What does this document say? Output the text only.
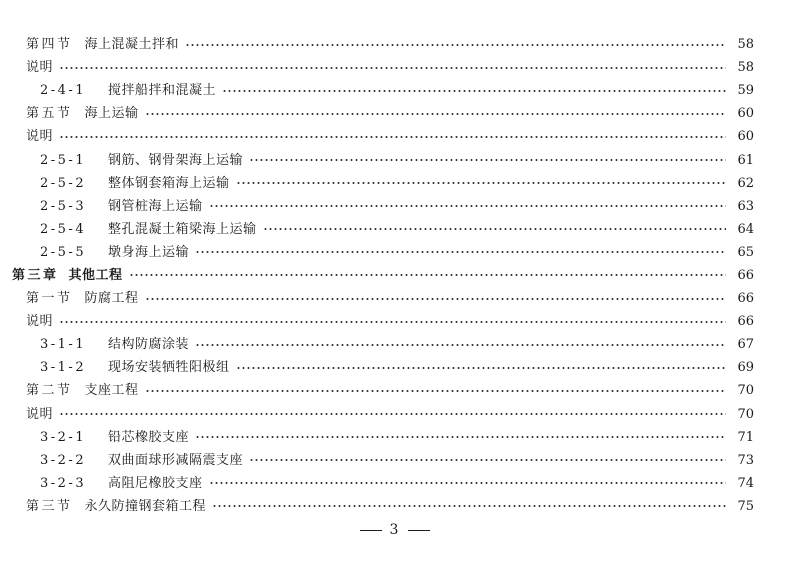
第四节 海上混凝土拌和	58
说明	58
2-4-1	搅拌船拌和混凝土	59
第五节 海上运输	60
说明	60
2-5-1	钢筋、钢骨架海上运输	61
2-5-2	整体钢套箱海上运输	62
2-5-3	钢管桩海上运输	63
2-5-4	整孔混凝土箱梁海上运输	64
2-5-5	墩身海上运输	65
第三章 其他工程	66
第一节 防腐工程	66
说明	66
3-1-1	结构防腐涂装	67
3-1-2	现场安装牺牲阳极组	69
第二节 支座工程	70
说明	70
3-2-1	铅芯橡胶支座	71
3-2-2	双曲面球形减隔震支座	73
3-2-3	高阻尼橡胶支座	74
第三节 永久防撞钢套箱工程	75
3
